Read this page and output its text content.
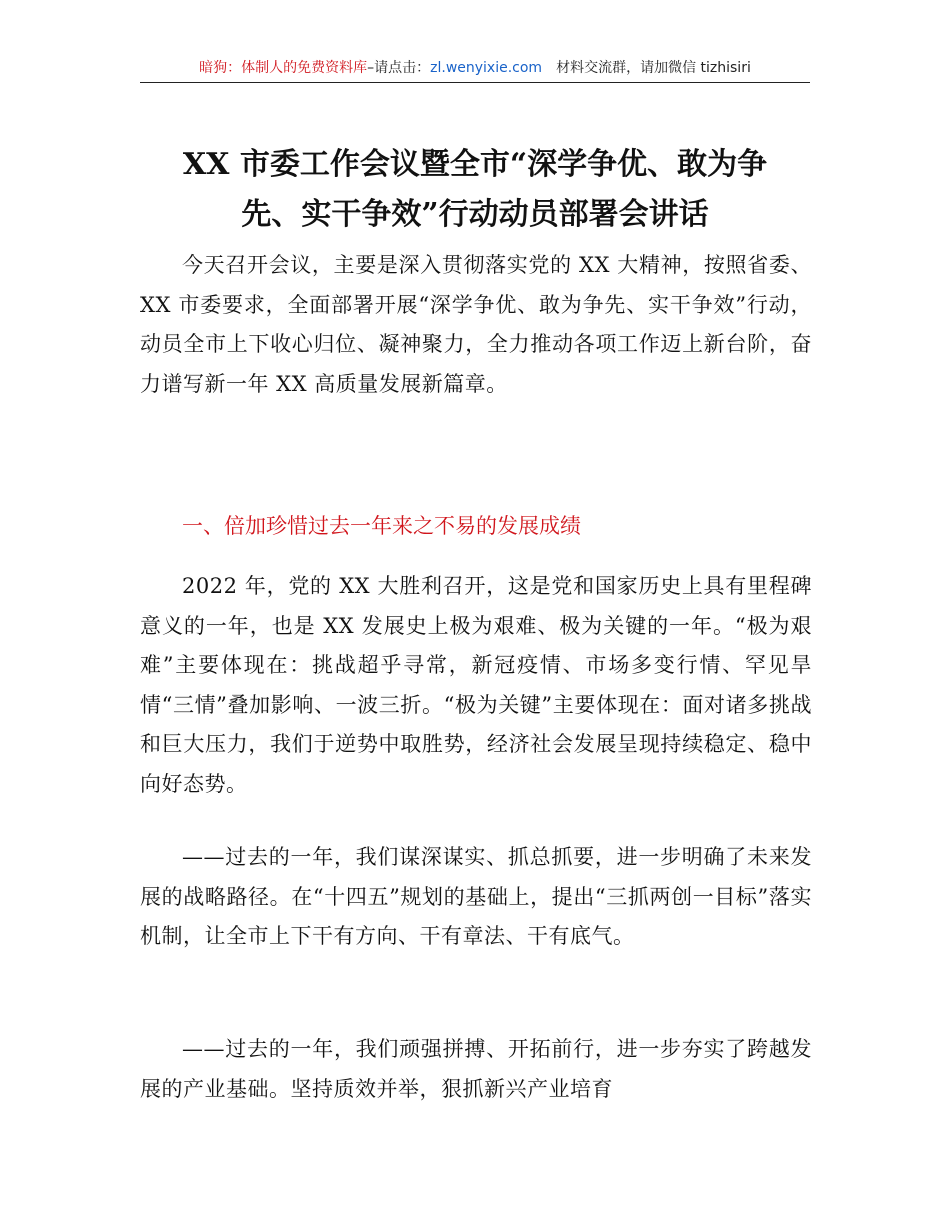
暗狗：体制人的免费资料库–请点击：zl.wenyixie.com 材料交流群，请加微信 tizhisiri
XX 市委工作会议暨全市“深学争优、敢为争
先、实干争效”行动动员部署会讲话

今天召开会议，主要是深入贯彻落实党的 XX 大精神，按照省委、XX 市委要求，全面部署开展“深学争优、敢为争先、实干争效”行动，动员全市上下收心归位、凝神聚力，全力推动各项工作迈上新台阶，奋力谱写新一年 XX 高质量发展新篇章。

一、倍加珍惜过去一年来之不易的发展成绩

2022 年，党的 XX 大胜利召开，这是党和国家历史上具有里程碑意义的一年，也是 XX 发展史上极为艰难、极为关键的一年。“极为艰难”主要体现在：挑战超乎寻常，新冠疫情、市场多变行情、罕见旱情“三情”叠加影响、一波三折。“极为关键”主要体现在：面对诸多挑战和巨大压力，我们于逆势中取胜势，经济社会发展呈现持续稳定、稳中向好态势。

——过去的一年，我们谋深谋实、抓总抓要，进一步明确了未来发展的战略路径。在“十四五”规划的基础上，提出“三抓两创一目标”落实机制，让全市上下干有方向、干有章法、干有底气。

——过去的一年，我们顽强拼搏、开拓前行，进一步夯实了跨越发展的产业基础。坚持质效并举，狠抓新兴产业培育
